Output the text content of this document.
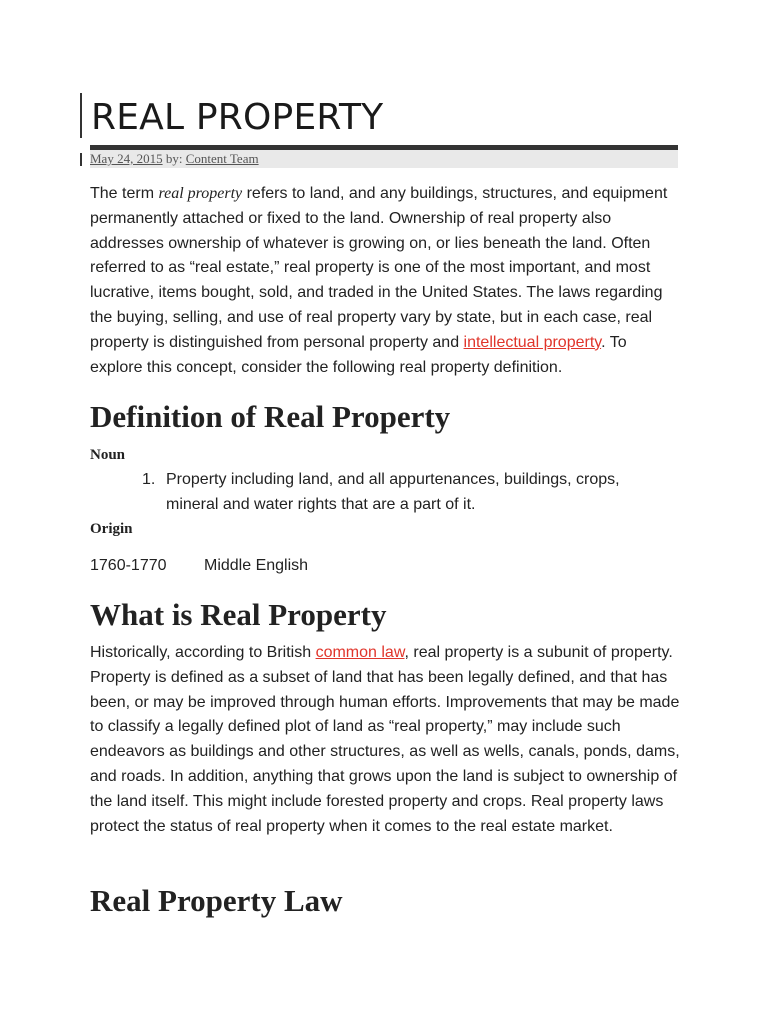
REAL PROPERTY
May 24, 2015 by: Content Team

The term real property refers to land, and any buildings, structures, and equipment permanently attached or fixed to the land. Ownership of real property also addresses ownership of whatever is growing on, or lies beneath the land. Often referred to as “real estate,” real property is one of the most important, and most lucrative, items bought, sold, and traded in the United States. The laws regarding the buying, selling, and use of real property vary by state, but in each case, real property is distinguished from personal property and intellectual property. To explore this concept, consider the following real property definition.

Definition of Real Property

Noun

1. Property including land, and all appurtenances, buildings, crops, mineral and water rights that are a part of it.

Origin

1760-1770 Middle English
What is Real Property

Historically, according to British common law, real property is a subunit of property. Property is defined as a subset of land that has been legally defined, and that has been, or may be improved through human efforts. Improvements that may be made to classify a legally defined plot of land as “real property,” may include such endeavors as buildings and other structures, as well as wells, canals, ponds, dams, and roads. In addition, anything that grows upon the land is subject to ownership of the land itself. This might include forested property and crops. Real property laws protect the status of real property when it comes to the real estate market.

Real Property Law
